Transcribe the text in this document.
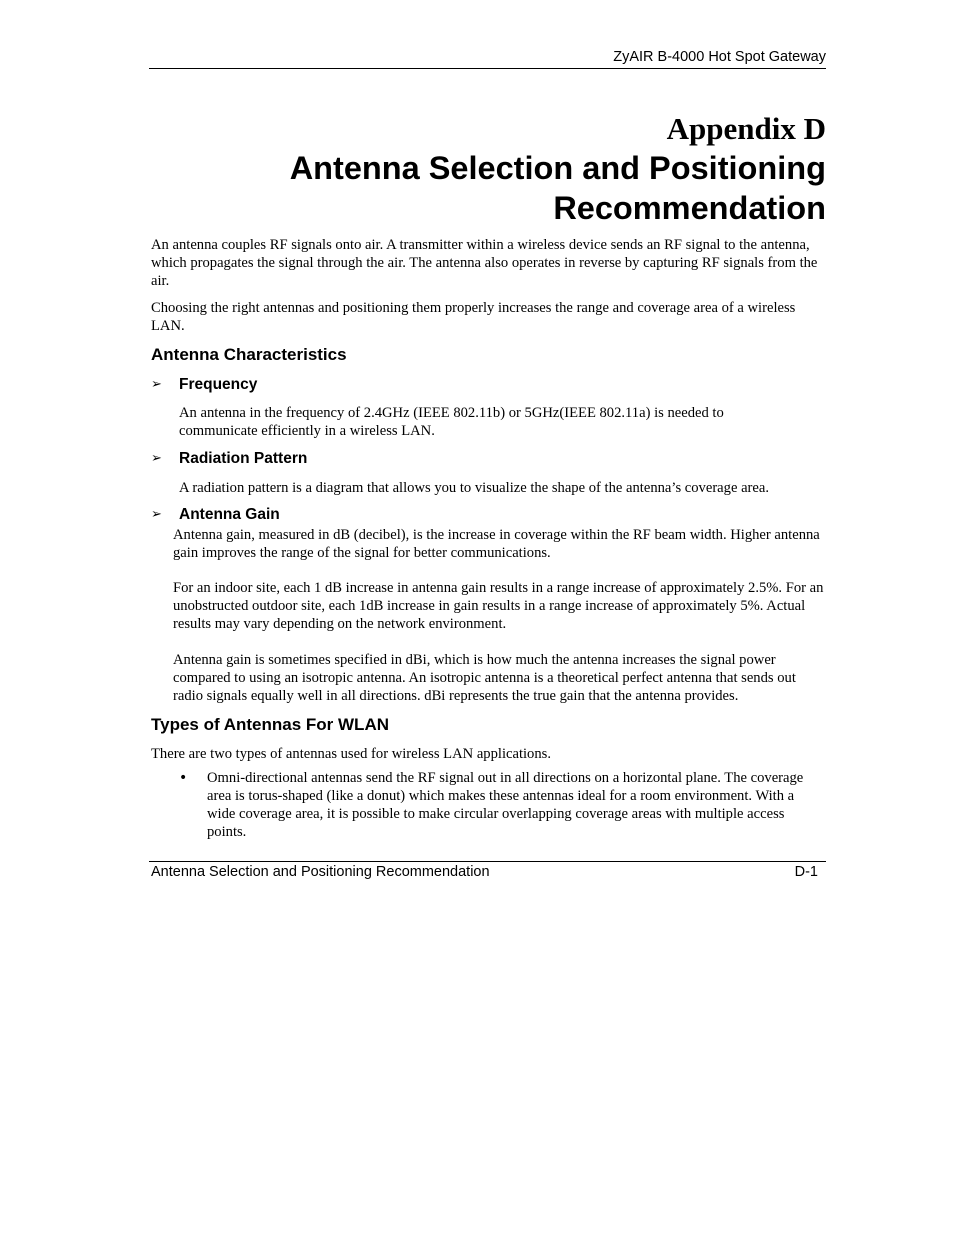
ZyAIR B-4000 Hot Spot Gateway
Appendix D
Antenna Selection and Positioning
Recommendation
An antenna couples RF signals onto air. A transmitter within a wireless device sends an RF signal to the antenna, which propagates the signal through the air. The antenna also operates in reverse by capturing RF signals from the air.
Choosing the right antennas and positioning them properly increases the range and coverage area of a wireless LAN.
Antenna Characteristics
➢ Frequency
An antenna in the frequency of 2.4GHz (IEEE 802.11b) or 5GHz(IEEE 802.11a) is needed to communicate efficiently in a wireless LAN.
➢ Radiation Pattern
A radiation pattern is a diagram that allows you to visualize the shape of the antenna’s coverage area.
➢ Antenna Gain
Antenna gain, measured in dB (decibel), is the increase in coverage within the RF beam width. Higher antenna gain improves the range of the signal for better communications.
For an indoor site, each 1 dB increase in antenna gain results in a range increase of approximately 2.5%. For an unobstructed outdoor site, each 1dB increase in gain results in a range increase of approximately 5%. Actual results may vary depending on the network environment.
Antenna gain is sometimes specified in dBi, which is how much the antenna increases the signal power compared to using an isotropic antenna. An isotropic antenna is a theoretical perfect antenna that sends out radio signals equally well in all directions. dBi represents the true gain that the antenna provides.
Types of Antennas For WLAN
There are two types of antennas used for wireless LAN applications.
• Omni-directional antennas send the RF signal out in all directions on a horizontal plane. The coverage area is torus-shaped (like a donut) which makes these antennas ideal for a room environment. With a wide coverage area, it is possible to make circular overlapping coverage areas with multiple access points.
Antenna Selection and Positioning Recommendation	D-1
